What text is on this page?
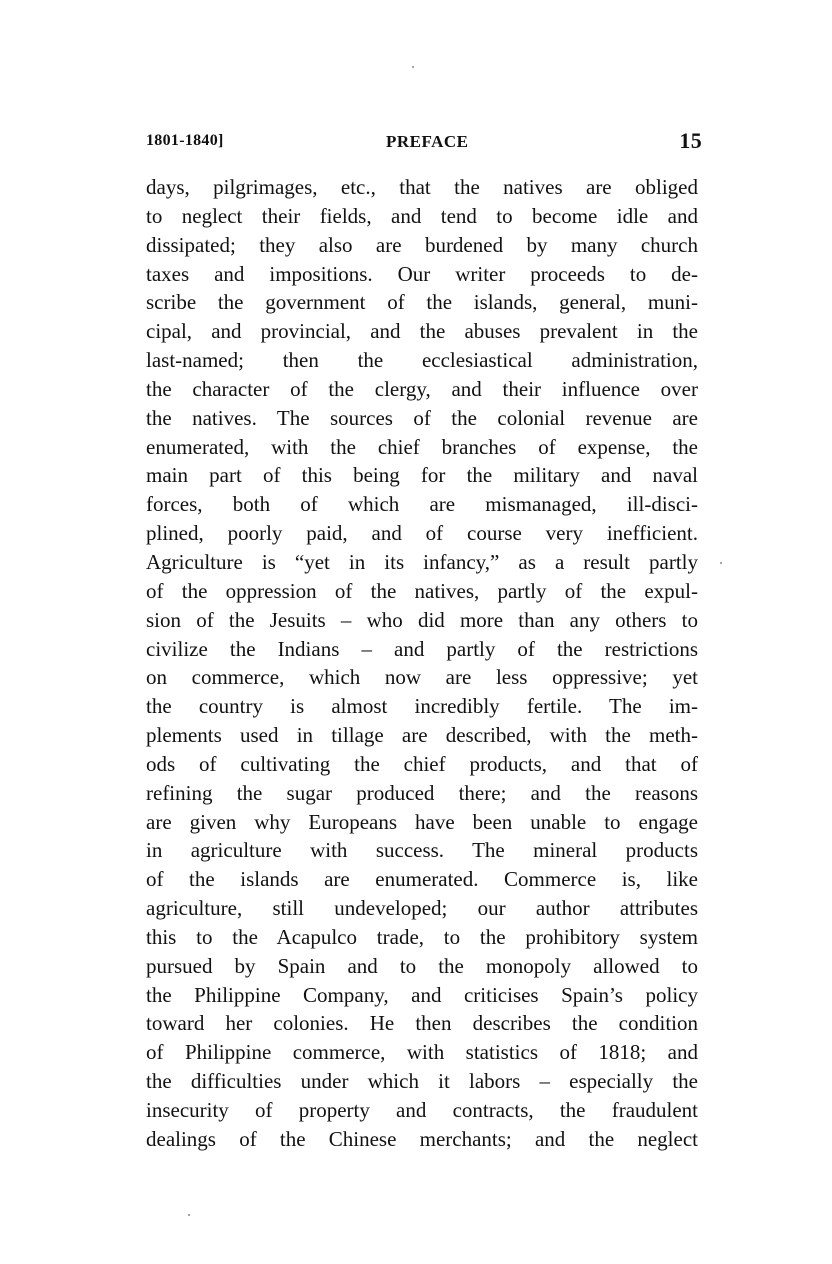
1801-1840]	PREFACE	15
days, pilgrimages, etc., that the natives are obliged
to neglect their fields, and tend to become idle and
dissipated; they also are burdened by many church
taxes and impositions. Our writer proceeds to de-
scribe the government of the islands, general, muni-
cipal, and provincial, and the abuses prevalent in the
last-named; then the ecclesiastical administration,
the character of the clergy, and their influence over
the natives. The sources of the colonial revenue are
enumerated, with the chief branches of expense, the
main part of this being for the military and naval
forces, both of which are mismanaged, ill-disci-
plined, poorly paid, and of course very inefficient.
Agriculture is “yet in its infancy,” as a result partly
of the oppression of the natives, partly of the expul-
sion of the Jesuits – who did more than any others to
civilize the Indians – and partly of the restrictions
on commerce, which now are less oppressive; yet
the country is almost incredibly fertile. The im-
plements used in tillage are described, with the meth-
ods of cultivating the chief products, and that of
refining the sugar produced there; and the reasons
are given why Europeans have been unable to engage
in agriculture with success. The mineral products
of the islands are enumerated. Commerce is, like
agriculture, still undeveloped; our author attributes
this to the Acapulco trade, to the prohibitory system
pursued by Spain and to the monopoly allowed to
the Philippine Company, and criticises Spain’s policy
toward her colonies. He then describes the condition
of Philippine commerce, with statistics of 1818; and
the difficulties under which it labors – especially the
insecurity of property and contracts, the fraudulent
dealings of the Chinese merchants; and the neglect
